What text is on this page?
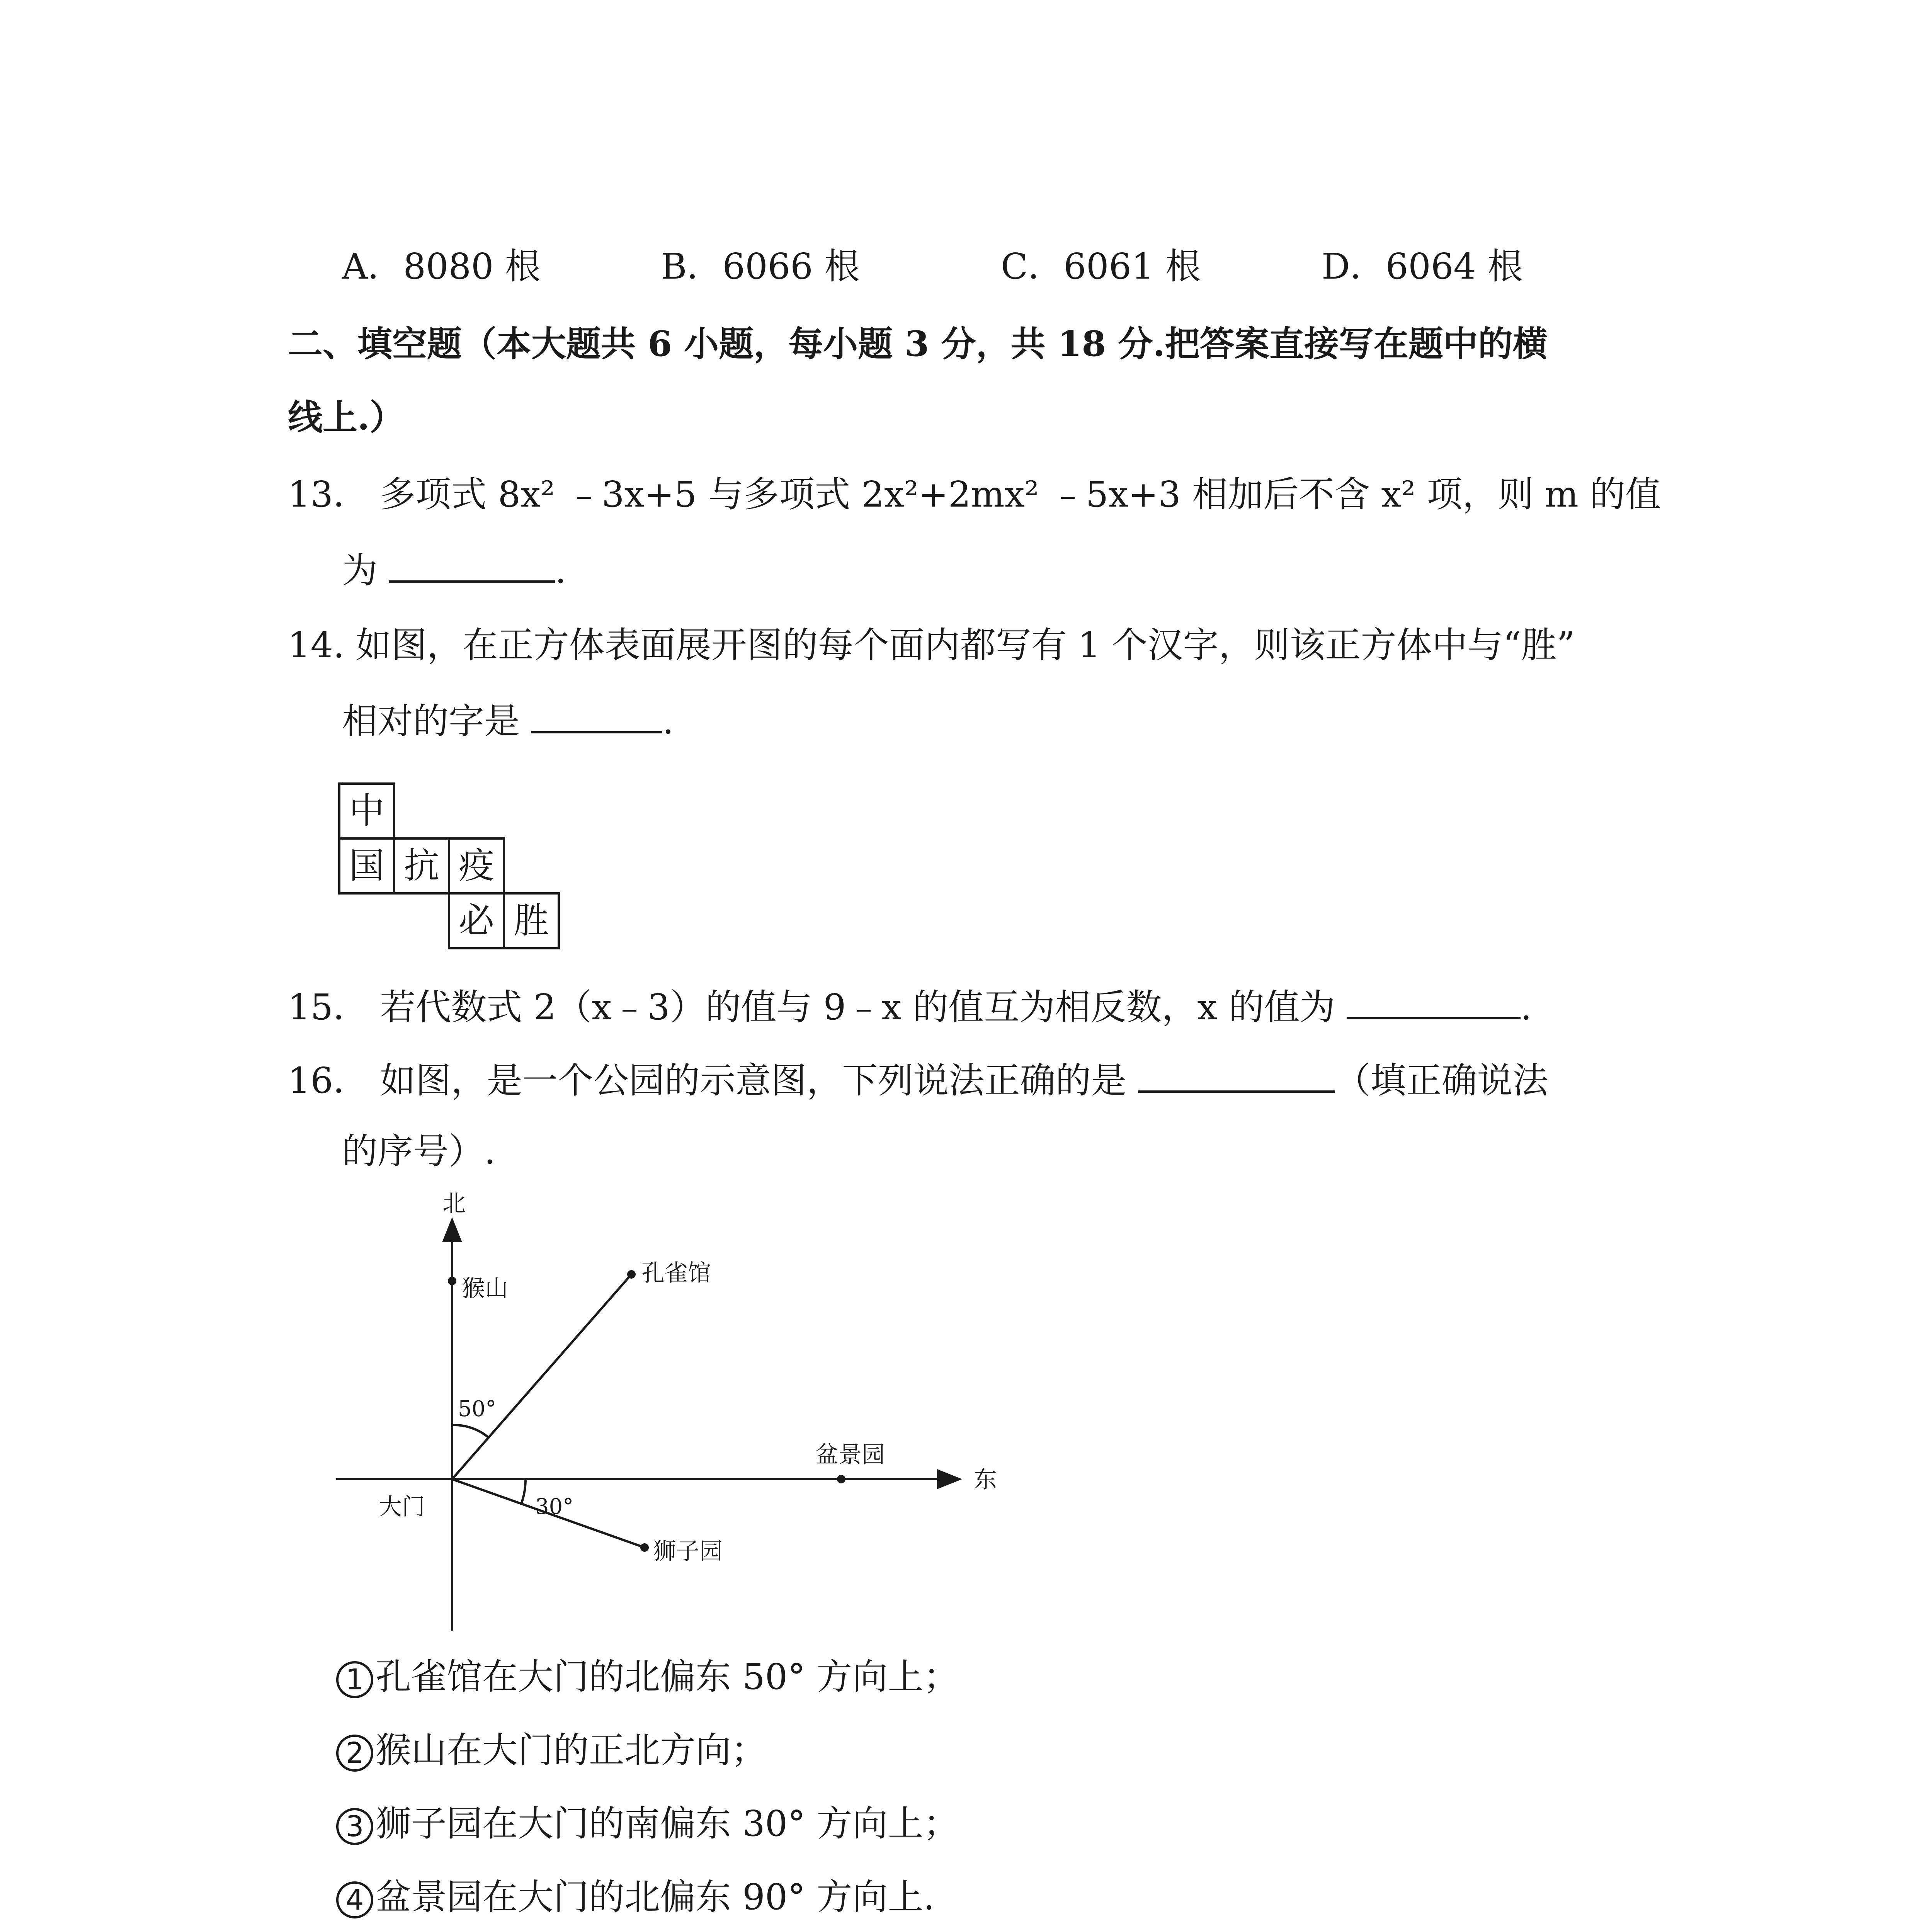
A．8080 根	B．6066 根	C．6061 根	D．6064 根
二、填空题（本大题共 6 小题，每小题 3 分，共 18 分.把答案直接写在题中的横
线上.）
13． 多项式 8x² ﹣3x+5 与多项式 2x²+2mx² ﹣5x+3 相加后不含 x² 项，则 m 的值
为	.
14. 如图，在正方体表面展开图的每个面内都写有 1 个汉字，则该正方体中与“胜”
相对的字是	.
中
国 抗 疫
必 胜
15． 若代数式 2（x﹣3）的值与 9﹣x 的值互为相反数，x 的值为	.
16． 如图，是一个公园的示意图，下列说法正确的是	（填正确说法
的序号）.
北
东
大门
猴山
孔雀馆
盆景园
狮子园
50°
30°
1 孔雀馆在大门的北偏东 50° 方向上；
2 猴山在大门的正北方向；
3 狮子园在大门的南偏东 30° 方向上；
4 盆景园在大门的北偏东 90° 方向上.
